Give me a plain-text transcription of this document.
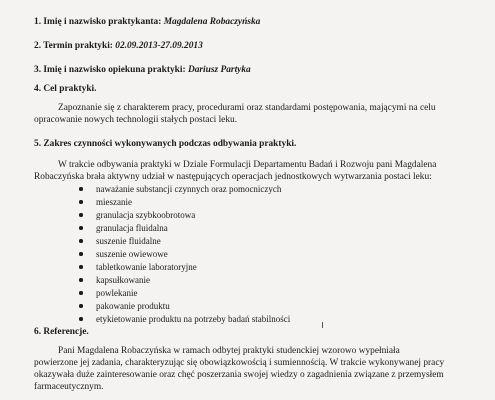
1. Imię i nazwisko praktykanta: Magdalena Robaczyńska
2. Termin praktyki: 02.09.2013-27.09.2013
3. Imię i nazwisko opiekuna praktyki: Dariusz Partyka
4. Cel praktyki.
Zapoznanie się z charakterem pracy, procedurami oraz standardami postępowania, mającymi na celu
opracowanie nowych technologii stałych postaci leku.
5. Zakres czynności wykonywanych podczas odbywania praktyki.
W trakcie odbywania praktyki w Dziale Formulacji Departamentu Badań i Rozwoju pani Magdalena
Robaczyńska brała aktywny udział w następujących operacjach jednostkowych wytwarzania postaci leku:
naważanie substancji czynnych oraz pomocniczych
mieszanie
granulacja szybkoobrotowa
granulacja fluidalna
suszenie fluidalne
suszenie owiewowe
tabletkowanie laboratoryjne
kapsułkowanie
powlekanie
pakowanie produktu
etykietowanie produktu na potrzeby badań stabilności
6. Referencje.
Pani Magdalena Robaczyńska w ramach odbytej praktyki studenckiej wzorowo wypełniała
powierzone jej zadania, charakteryzując się obowiązkowością i sumiennością. W trakcie wykonywanej pracy
okazywała duże zainteresowanie oraz chęć poszerzania swojej wiedzy o zagadnienia związane z przemysłem
farmaceutycznym.
